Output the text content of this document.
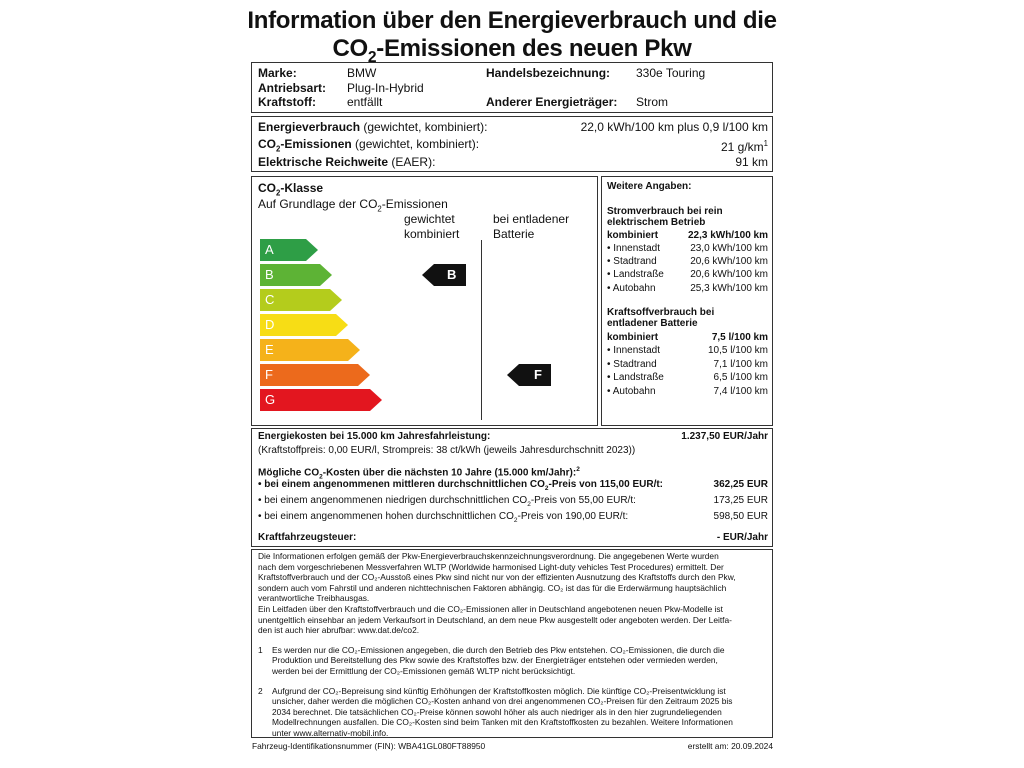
Information über den Energieverbrauch und die
$CO_2$-Emissionen des neuen Pkw
Marke:	BMW
Antriebsart: Plug-In-Hybrid
Kraftstoff:	entfällt
Handelsbezeichnung: 330e Touring
Anderer Energieträger: Strom
Energieverbrauch (gewichtet, kombiniert):	22,0 kWh/100 km plus 0,9 l/100 km
$CO_2$-Emissionen (gewichtet, kombiniert):	21 $g/km^1$
Elektrische Reichweite (EAER):	91 km
$CO_2$-Klasse
Auf Grundlage der $CO_2$-Emissionen
gewichtet
kombiniert
bei entladener
Batterie
A
B
C
D
E
F
G
B
F
Weitere Angaben:
Stromverbrauch bei rein
elektrischem Betrieb
kombiniert	22,3 kWh/100 km
• Innenstadt	23,0 kWh/100 km
• Stadtrand	20,6 kWh/100 km
• Landstraße	20,6 kWh/100 km
• Autobahn	25,3 kWh/100 km
Kraftsoffverbrauch bei
entladener Batterie
kombiniert	7,5 l/100 km
• Innenstadt	10,5 l/100 km
• Stadtrand	7,1 l/100 km
• Landstraße	6,5 l/100 km
• Autobahn	7,4 l/100 km
Energiekosten bei 15.000 km Jahresfahrleistung:	1.237,50 EUR/Jahr
(Kraftstoffpreis: 0,00 EUR/l, Strompreis: 38 ct/kWh (jeweils Jahresdurchschnitt 2023))
Mögliche $CO_2$-Kosten über die nächsten 10 Jahre (15.000 km/Jahr):$^2$
• bei einem angenommenen mittleren durchschnittlichen $CO_2$-Preis von 115,00 EUR/t:	362,25 EUR
• bei einem angenommenen niedrigen durchschnittlichen $CO_2$-Preis von 55,00 EUR/t:	173,25 EUR
• bei einem angenommenen hohen durchschnittlichen $CO_2$-Preis von 190,00 EUR/t:	598,50 EUR
Kraftfahrzeugsteuer:	- EUR/Jahr
Die Informationen erfolgen gemäß der Pkw-Energieverbrauchskennzeichnungsverordnung. Die angegebenen Werte wurden
nach dem vorgeschriebenen Messverfahren WLTP (Worldwide harmonised Light-duty vehicles Test Procedures) ermittelt. Der
Kraftstoffverbrauch und der CO₂-Ausstoß eines Pkw sind nicht nur von der effizienten Ausnutzung des Kraftstoffs durch den Pkw,
sondern auch vom Fahrstil und anderen nichttechnischen Faktoren abhängig. CO₂ ist das für die Erderwärmung hauptsächlich
verantwortliche Treibhausgas.
Ein Leitfaden über den Kraftstoffverbrauch und die CO₂-Emissionen aller in Deutschland angebotenen neuen Pkw-Modelle ist
unentgeltlich einsehbar an jedem Verkaufsort in Deutschland, an dem neue Pkw ausgestellt oder angeboten werden. Der Leitfa-
den ist auch hier abrufbar: www.dat.de/co2.
1 Es werden nur die CO₂-Emissionen angegeben, die durch den Betrieb des Pkw entstehen. CO₂-Emissionen, die durch die
Produktion und Bereitstellung des Pkw sowie des Kraftstoffes bzw. der Energieträger entstehen oder vermieden werden,
werden bei der Ermittlung der CO₂-Emissionen gemäß WLTP nicht berücksichtigt.
2 Aufgrund der CO₂-Bepreisung sind künftig Erhöhungen der Kraftstoffkosten möglich. Die künftige CO₂-Preisentwicklung ist
unsicher, daher werden die möglichen CO₂-Kosten anhand von drei angenommenen CO₂-Preisen für den Zeitraum 2025 bis
2034 berechnet. Die tatsächlichen CO₂-Preise können sowohl höher als auch niedriger als in den hier zugrundeliegenden
Modellrechnungen ausfallen. Die CO₂-Kosten sind beim Tanken mit den Kraftstoffkosten zu bezahlen. Weitere Informationen
unter www.alternativ-mobil.info.
Fahrzeug-Identifikationsnummer (FIN): WBA41GL080FT88950	erstellt am: 20.09.2024
